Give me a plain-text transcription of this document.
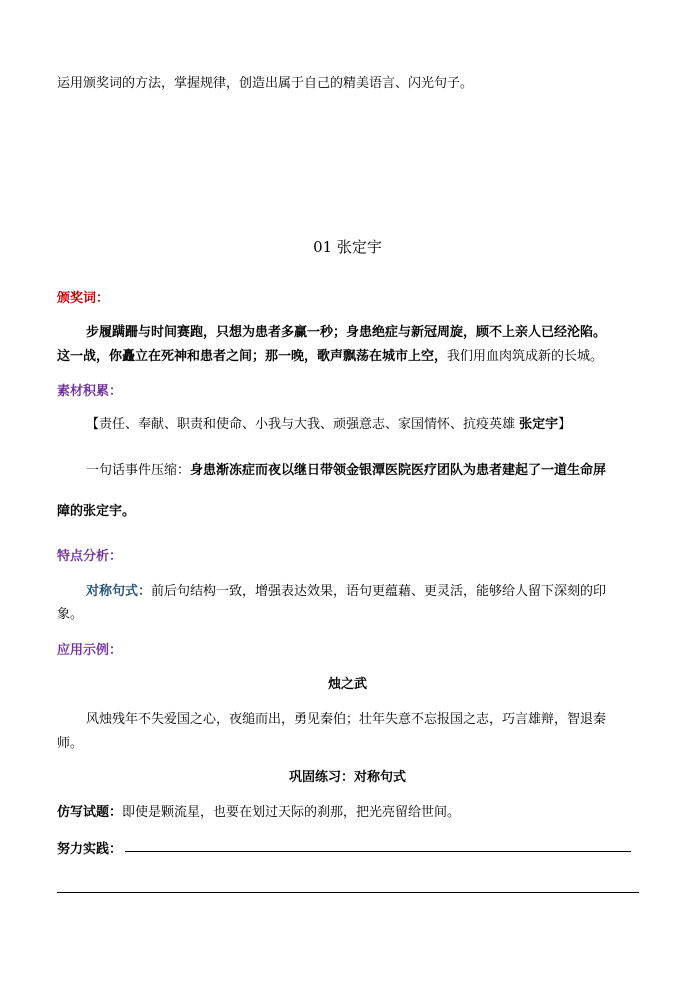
运用颁奖词的方法，掌握规律，创造出属于自己的精美语言、闪光句子。
01 张定宇
颁奖词：
步履蹒跚与时间赛跑，只想为患者多赢一秒；身患绝症与新冠周旋，顾不上亲人已经沦陷。
这一战，你矗立在死神和患者之间；那一晚，歌声飘荡在城市上空，我们用血肉筑成新的长城。
素材积累：
【责任、奉献、职责和使命、小我与大我、顽强意志、家国情怀、抗疫英雄 张定宇】
一句话事件压缩：身患渐冻症而夜以继日带领金银潭医院医疗团队为患者建起了一道生命屏
障的张定宇。
特点分析：
对称句式：前后句结构一致，增强表达效果，语句更蕴藉、更灵活，能够给人留下深刻的印
象。
应用示例：
烛之武
风烛残年不失爱国之心，夜缒而出，勇见秦伯；壮年失意不忘报国之志，巧言雄辩，智退秦
师。
巩固练习：对称句式
仿写试题：即使是颗流星，也要在划过天际的刹那，把光亮留给世间。
努力实践：
